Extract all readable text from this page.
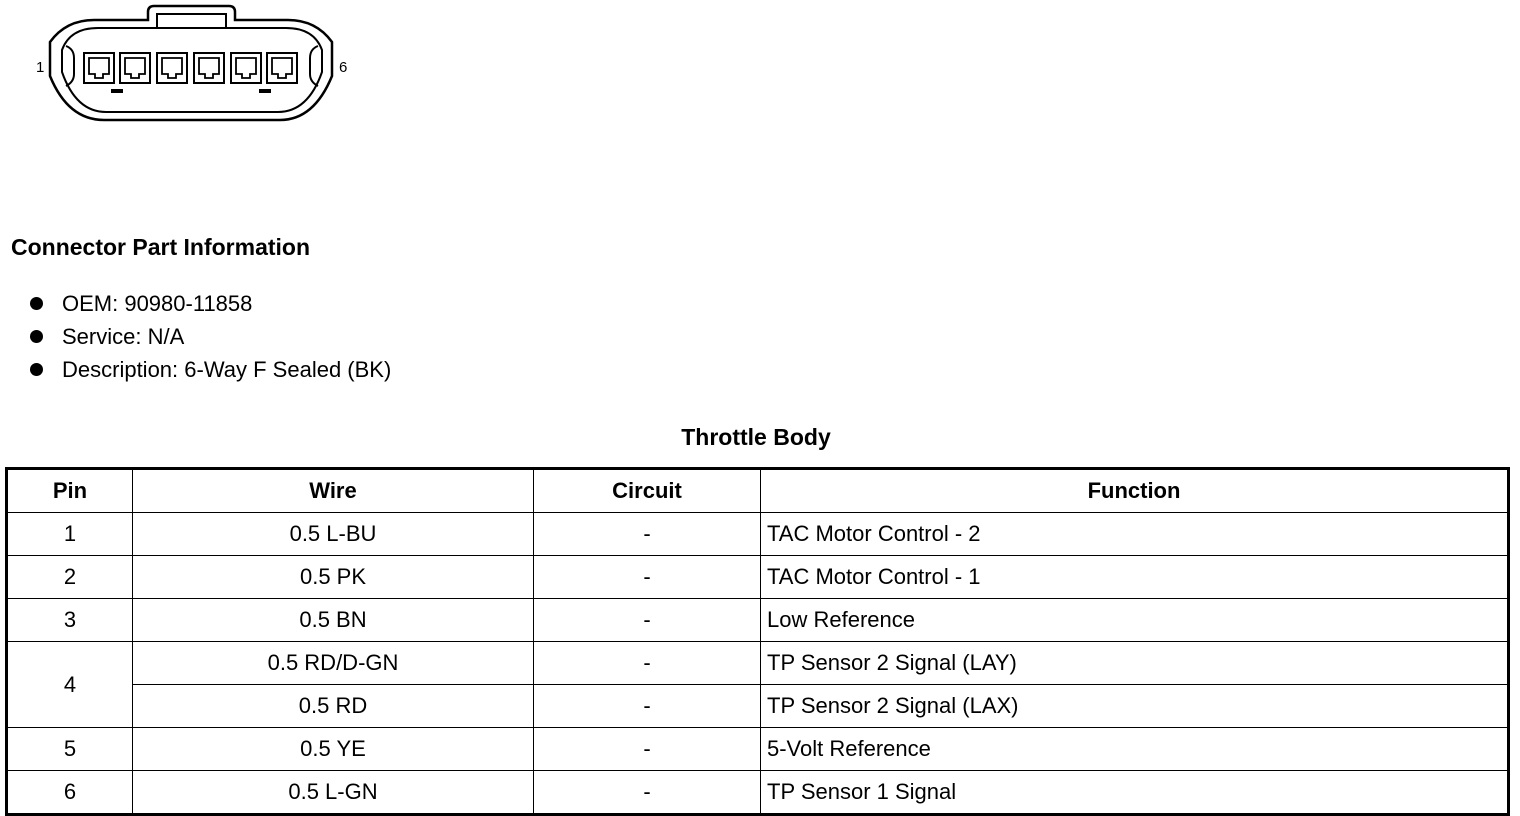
1	6
Connector Part Information
OEM: 90980-11858
Service: N/A
Description: 6-Way F Sealed (BK)
Throttle Body
Pin	Wire	Circuit	Function
1	0.5 L-BU	-	TAC Motor Control - 2
2	0.5 PK	-	TAC Motor Control - 1
3	0.5 BN	-	Low Reference
4	0.5 RD/D-GN	-	TP Sensor 2 Signal (LAY)
	0.5 RD	-	TP Sensor 2 Signal (LAX)
5	0.5 YE	-	5-Volt Reference
6	0.5 L-GN	-	TP Sensor 1 Signal
